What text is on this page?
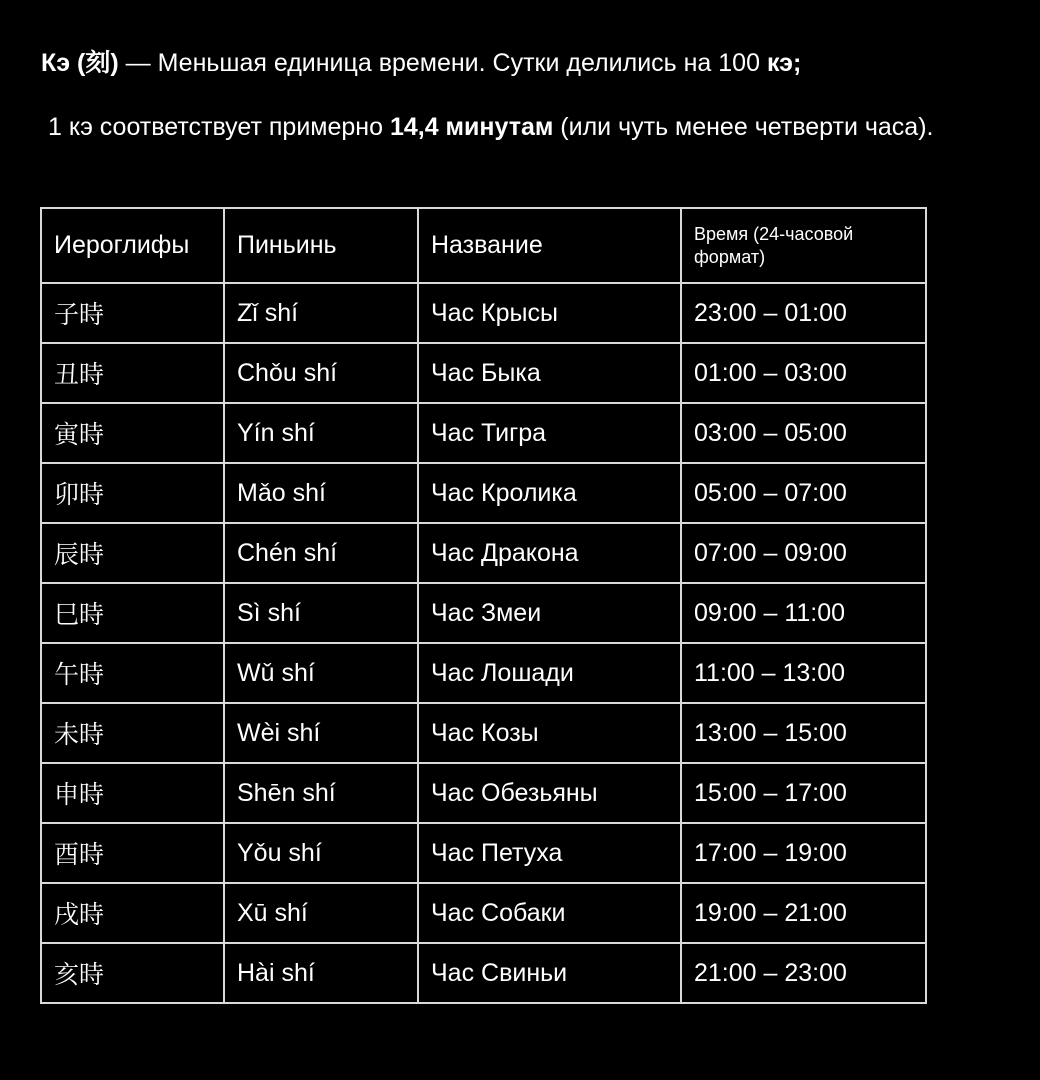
Кэ (刻) — Меньшая единица времени. Сутки делились на 100 кэ;
1 кэ соответствует примерно 14,4 минутам (или чуть менее четверти часа).
Иероглифы	Пиньинь	Название	Время (24-часовой формат)
子時	Zǐ shí	Час Крысы	23:00 – 01:00
丑時	Chǒu shí	Час Быка	01:00 – 03:00
寅時	Yín shí	Час Тигра	03:00 – 05:00
卯時	Mǎo shí	Час Кролика	05:00 – 07:00
辰時	Chén shí	Час Дракона	07:00 – 09:00
巳時	Sì shí	Час Змеи	09:00 – 11:00
午時	Wǔ shí	Час Лошади	11:00 – 13:00
未時	Wèi shí	Час Козы	13:00 – 15:00
申時	Shēn shí	Час Обезьяны	15:00 – 17:00
酉時	Yǒu shí	Час Петуха	17:00 – 19:00
戌時	Xū shí	Час Собаки	19:00 – 21:00
亥時	Hài shí	Час Свиньи	21:00 – 23:00
